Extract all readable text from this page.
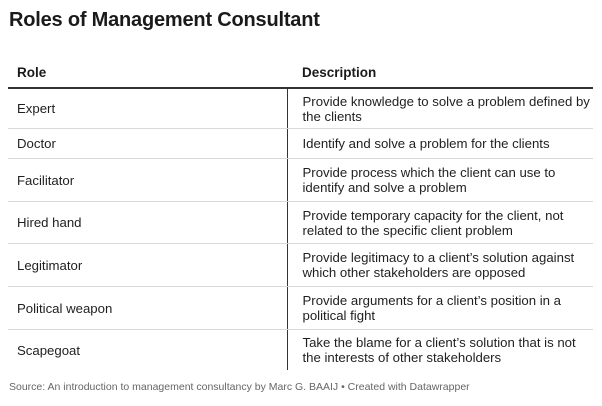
Roles of Management Consultant
Role	Description
Expert	Provide knowledge to solve a problem defined by the clients
Doctor	Identify and solve a problem for the clients
Facilitator	Provide process which the client can use to identify and solve a problem
Hired hand	Provide temporary capacity for the client, not related to the specific client problem
Legitimator	Provide legitimacy to a client’s solution against which other stakeholders are opposed
Political weapon	Provide arguments for a client’s position in a political fight
Scapegoat	Take the blame for a client’s solution that is not the interests of other stakeholders
Source: An introduction to management consultancy by Marc G. BAAIJ • Created with Datawrapper
